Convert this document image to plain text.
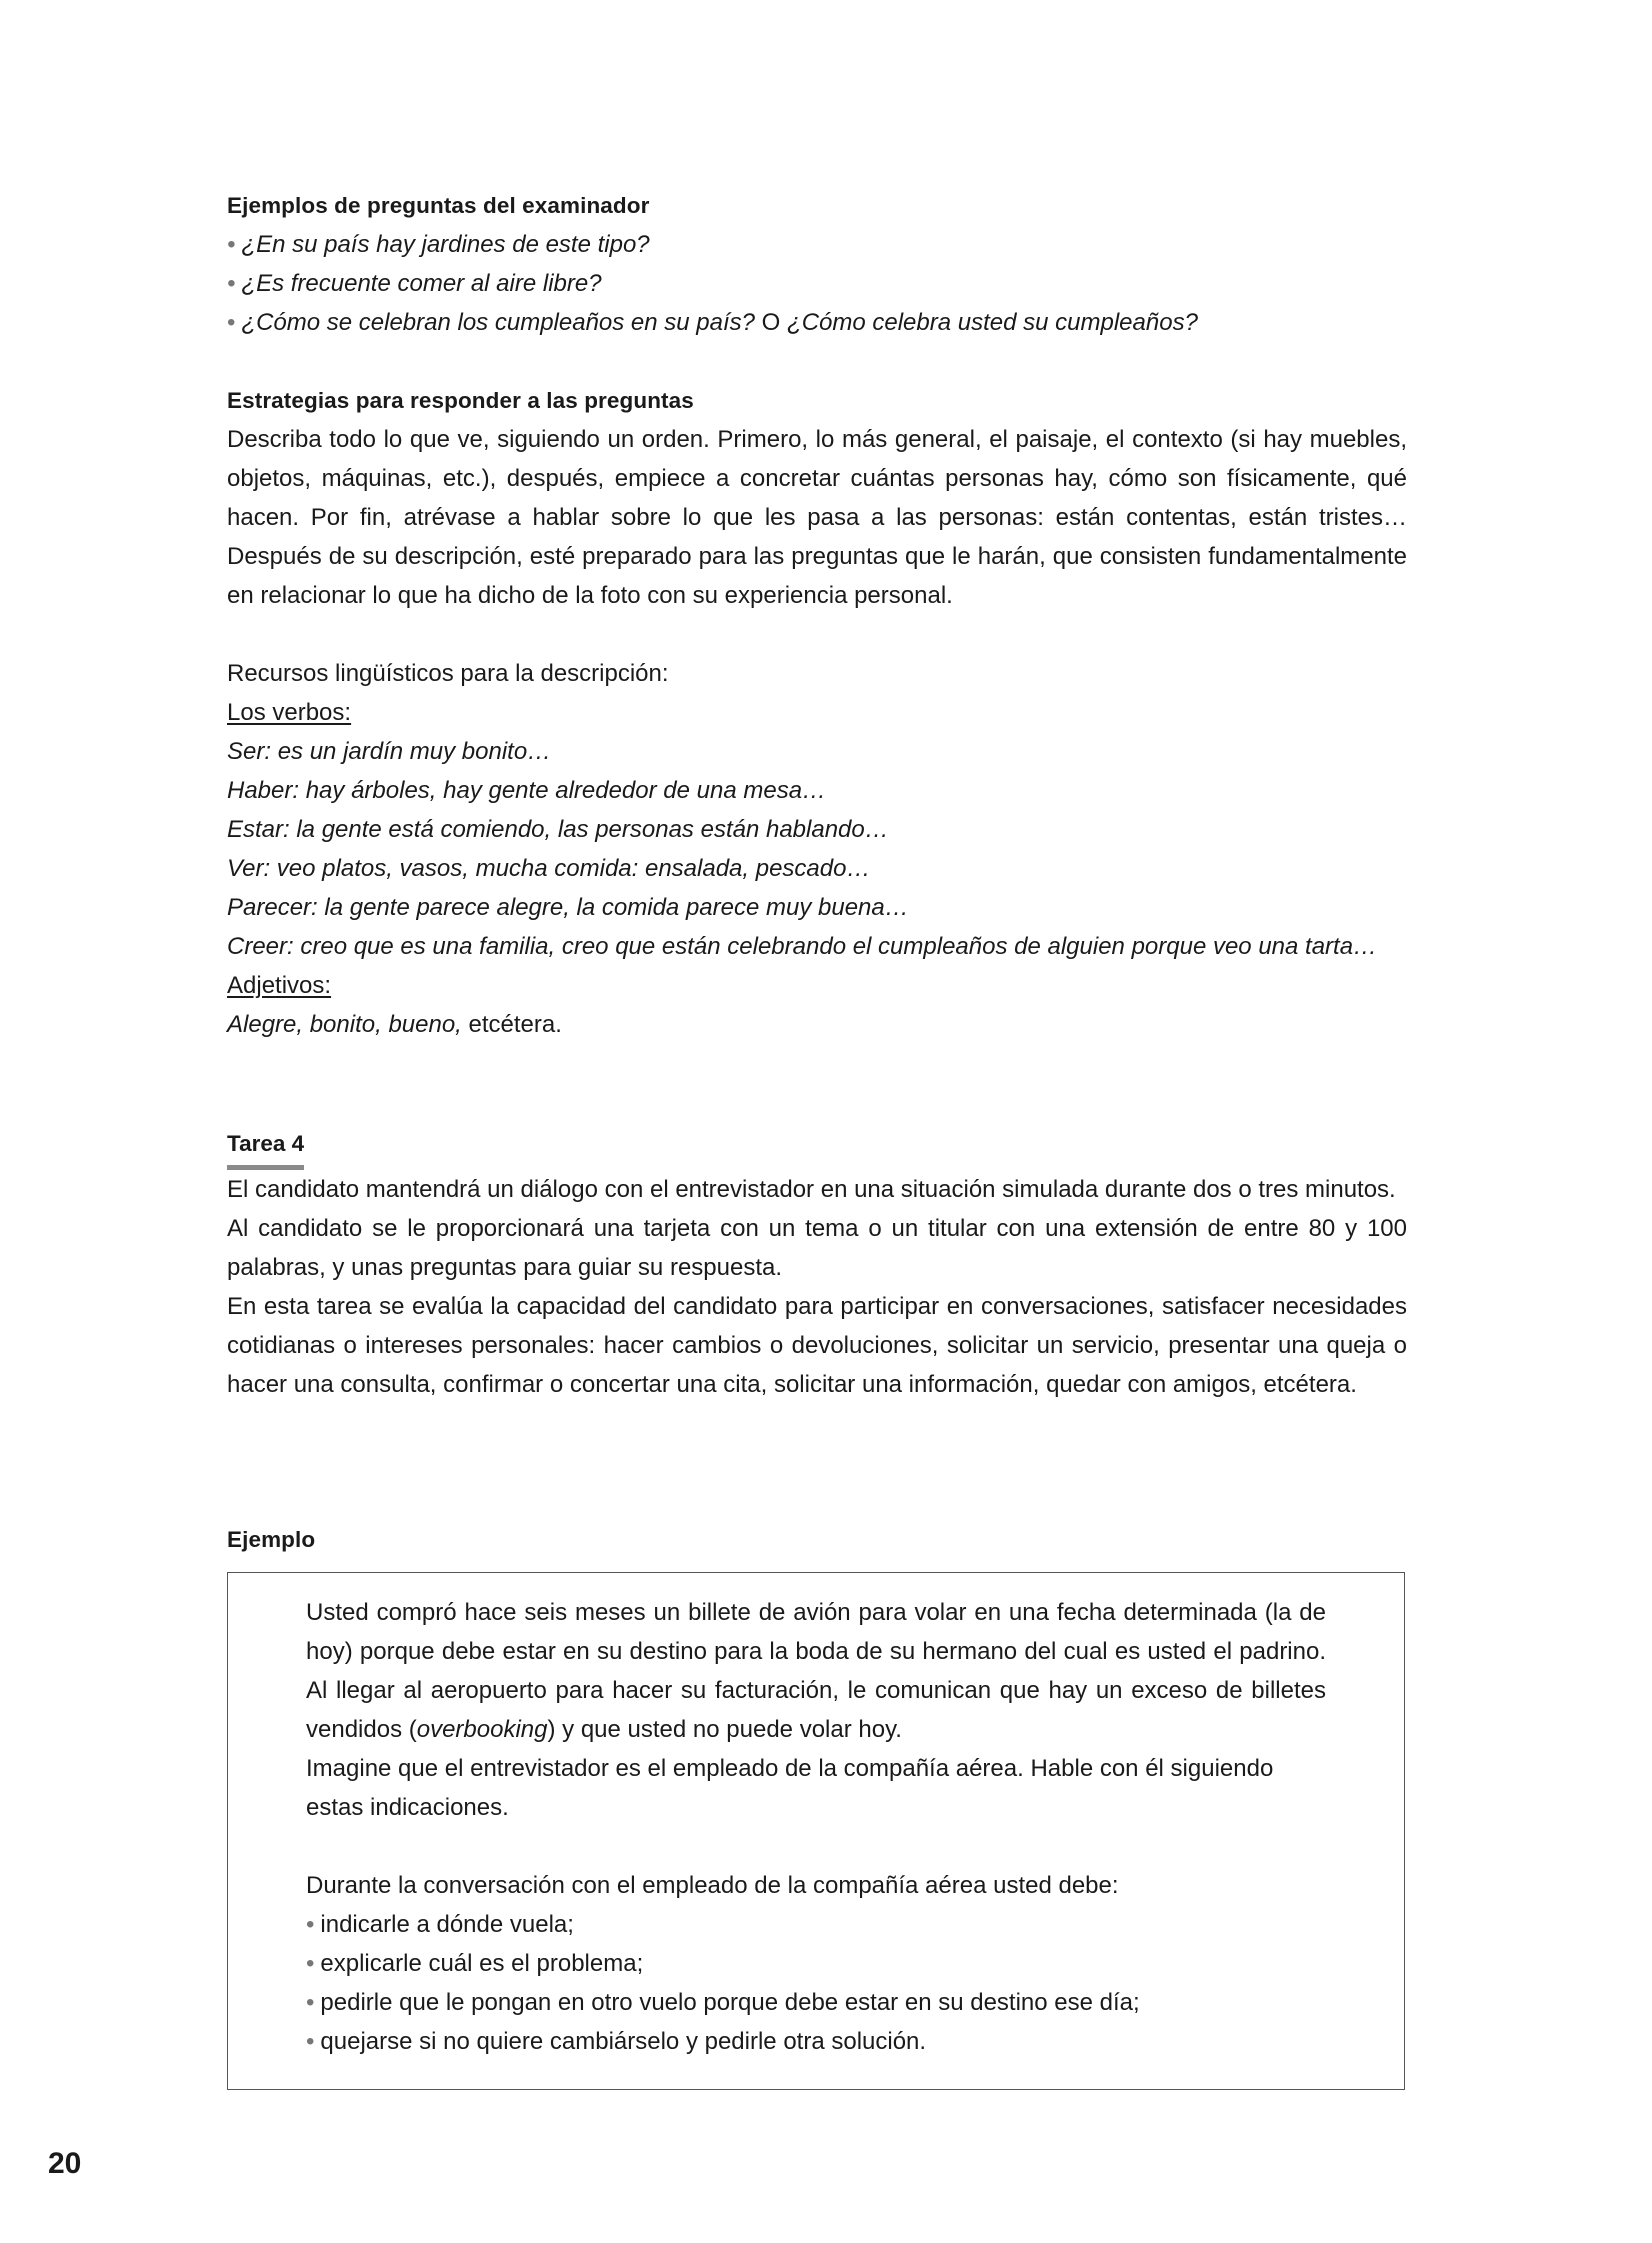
Ejemplos de preguntas del examinador

• ¿En su país hay jardines de este tipo?

• ¿Es frecuente comer al aire libre?

• ¿Cómo se celebran los cumpleaños en su país? O ¿Cómo celebra usted su cumpleaños?

Estrategias para responder a las preguntas

Describa todo lo que ve, siguiendo un orden. Primero, lo más general, el paisaje, el contexto (si hay muebles, objetos, máquinas, etc.), después, empiece a concretar cuántas personas hay, cómo son físicamente, qué hacen. Por fin, atrévase a hablar sobre lo que les pasa a las personas: están contentas, están tristes… Después de su descripción, esté preparado para las preguntas que le harán, que consisten fundamentalmente en relacionar lo que ha dicho de la foto con su experiencia personal.

Recursos lingüísticos para la descripción:

Los verbos:

Ser: es un jardín muy bonito…

Haber: hay árboles, hay gente alrededor de una mesa…

Estar: la gente está comiendo, las personas están hablando…

Ver: veo platos, vasos, mucha comida: ensalada, pescado…

Parecer: la gente parece alegre, la comida parece muy buena…

Creer: creo que es una familia, creo que están celebrando el cumpleaños de alguien porque veo una tarta…

Adjetivos:

Alegre, bonito, bueno, etcétera.

Tarea 4

El candidato mantendrá un diálogo con el entrevistador en una situación simulada durante dos o tres minutos.

Al candidato se le proporcionará una tarjeta con un tema o un titular con una extensión de entre 80 y 100 palabras, y unas preguntas para guiar su respuesta.

En esta tarea se evalúa la capacidad del candidato para participar en conversaciones, satisfacer necesidades cotidianas o intereses personales: hacer cambios o devoluciones, solicitar un servicio, presentar una queja o hacer una consulta, confirmar o concertar una cita, solicitar una información, quedar con amigos, etcétera.

Ejemplo

Usted compró hace seis meses un billete de avión para volar en una fecha determinada (la de hoy) porque debe estar en su destino para la boda de su hermano del cual es usted el padrino. Al llegar al aeropuerto para hacer su facturación, le comunican que hay un exceso de billetes vendidos (overbooking) y que usted no puede volar hoy.

Imagine que el entrevistador es el empleado de la compañía aérea. Hable con él siguiendo estas indicaciones.

Durante la conversación con el empleado de la compañía aérea usted debe:

• indicarle a dónde vuela;

• explicarle cuál es el problema;

• pedirle que le pongan en otro vuelo porque debe estar en su destino ese día;

• quejarse si no quiere cambiárselo y pedirle otra solución.

20
